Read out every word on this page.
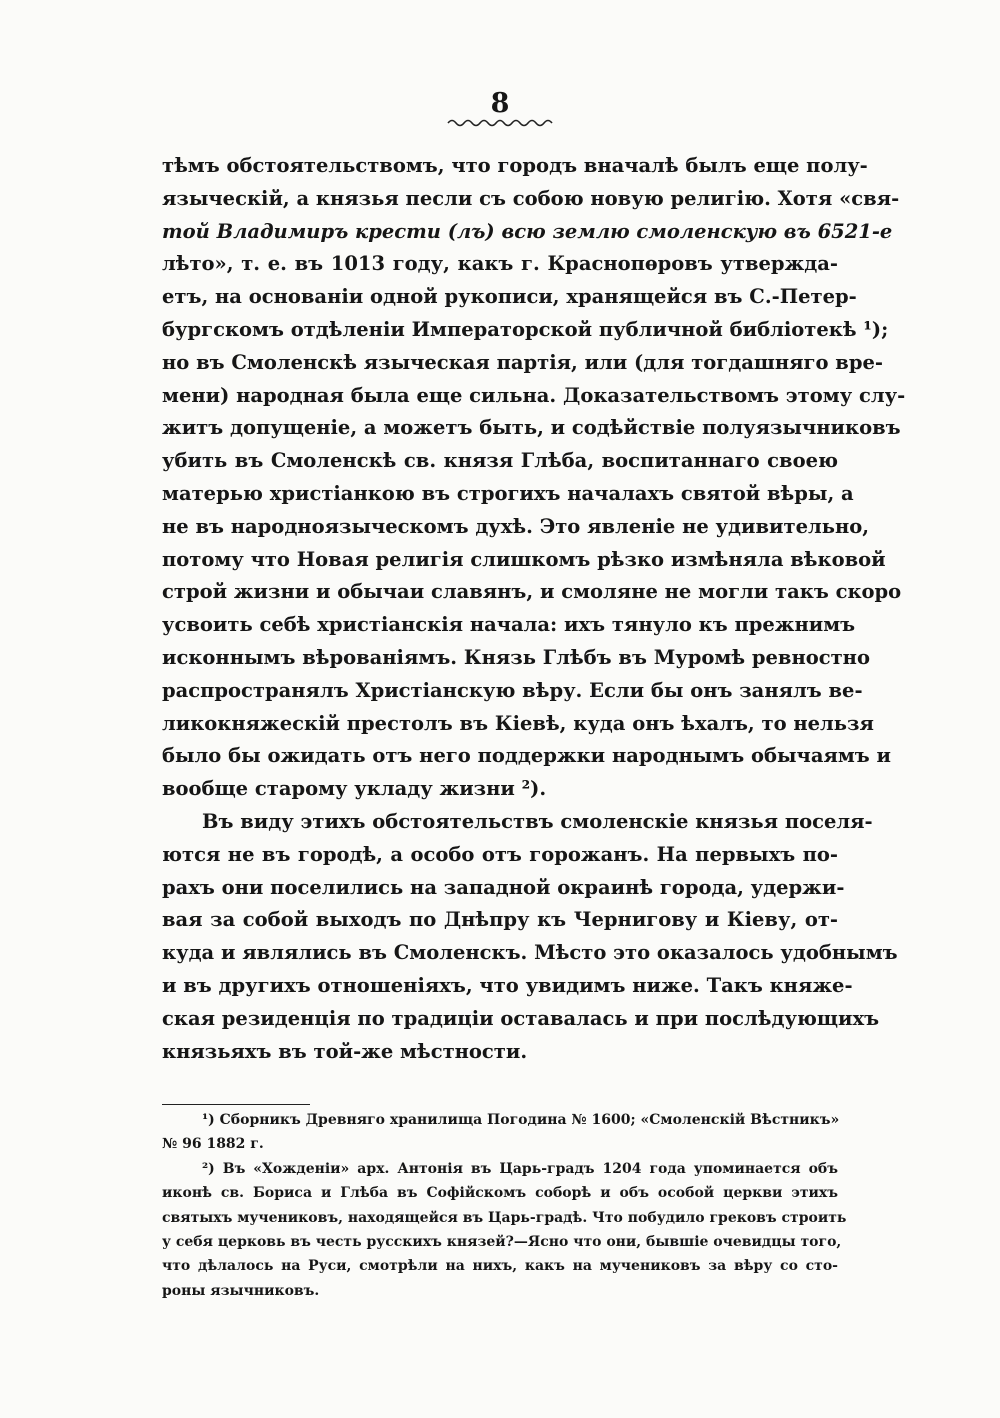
8
тѣмъ обстоятельствомъ, что городъ вначалѣ былъ еще полу-
языческій, а князья песли съ собою новую религію. Хотя «свя-
той Владимиръ крести (лъ) всю землю смоленскую въ 6521-е
лѣто», т. е. въ 1013 году, какъ г. Краснопѳровъ утвержда-
етъ, на основаніи одной рукописи, хранящейся въ С.-Петер-
бургскомъ отдѣленіи Императорской публичной библіотекѣ ¹);
но въ Смоленскѣ языческая партія, или (для тогдашняго вре-
мени) народная была еще сильна. Доказательствомъ этому слу-
житъ допущеніе, а можетъ быть, и содѣйствіе полуязычниковъ
убить въ Смоленскѣ св. князя Глѣба, воспитаннаго своею
матерью христіанкою въ строгихъ началахъ святой вѣры, а
не въ народноязыческомъ духѣ. Это явленіе не удивительно,
потому что Новая религія слишкомъ рѣзко измѣняла вѣковой
строй жизни и обычаи славянъ, и смоляне не могли такъ скоро
усвоить себѣ христіанскія начала: ихъ тянуло къ прежнимъ
исконнымъ вѣрованіямъ. Князь Глѣбъ въ Муромѣ ревностно
распространялъ Христіанскую вѣру. Если бы онъ занялъ ве-
ликокняжескій престолъ въ Кіевѣ, куда онъ ѣхалъ, то нельзя
было бы ожидать отъ него поддержки народнымъ обычаямъ и
вообще старому укладу жизни ²).
Въ виду этихъ обстоятельствъ смоленскіе князья поселя-
ются не въ городѣ, а особо отъ горожанъ. На первыхъ по-
рахъ они поселились на западной окраинѣ города, удержи-
вая за собой выходъ по Днѣпру къ Чернигову и Кіеву, от-
куда и являлись въ Смоленскъ. Мѣсто это оказалось удобнымъ
и въ другихъ отношеніяхъ, что увидимъ ниже. Такъ княже-
ская резиденція по традиціи оставалась и при послѣдующихъ
князьяхъ въ той-же мѣстности.
¹) Сборникъ Древняго хранилища Погодина № 1600; «Смоленскій Вѣстникъ»
№ 96 1882 г.
²) Въ «Хожденіи» арх. Антонія въ Царь-градъ 1204 года упоминается объ
иконѣ св. Бориса и Глѣба въ Софійскомъ соборѣ и объ особой церкви этихъ
святыхъ мучениковъ, находящейся въ Царь-градѣ. Что побудило грековъ строить
у себя церковь въ честь русскихъ князей?—Ясно что они, бывшіе очевидцы того,
что дѣлалось на Руси, смотрѣли на нихъ, какъ на мучениковъ за вѣру со сто-
роны язычниковъ.
